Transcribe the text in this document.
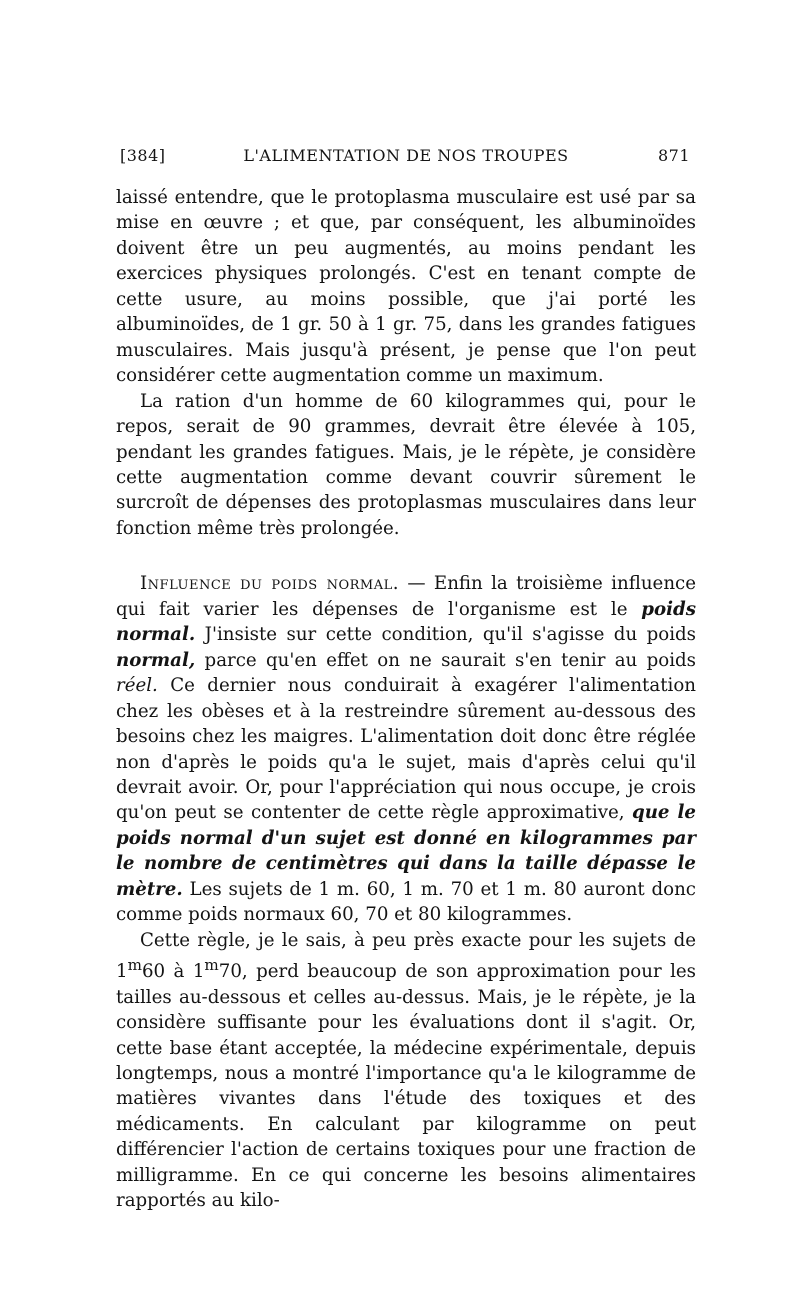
[384]	L'ALIMENTATION DE NOS TROUPES	871

laissé entendre, que le protoplasma musculaire est usé par sa mise en œuvre ; et que, par conséquent, les albuminoïdes doivent être un peu augmentés, au moins pendant les exercices physiques prolongés. C'est en tenant compte de cette usure, au moins possible, que j'ai porté les albuminoïdes, de 1 gr. 50 à 1 gr. 75, dans les grandes fatigues musculaires. Mais jusqu'à présent, je pense que l'on peut considérer cette augmentation comme un maximum.

La ration d'un homme de 60 kilogrammes qui, pour le repos, serait de 90 grammes, devrait être élevée à 105, pendant les grandes fatigues. Mais, je le répète, je considère cette augmentation comme devant couvrir sûrement le surcroît de dépenses des protoplasmas musculaires dans leur fonction même très prolongée.

Influence du poids normal. — Enfin la troisième influence qui fait varier les dépenses de l'organisme est le poids normal. J'insiste sur cette condition, qu'il s'agisse du poids normal, parce qu'en effet on ne saurait s'en tenir au poids réel. Ce dernier nous conduirait à exagérer l'alimentation chez les obèses et à la restreindre sûrement au-dessous des besoins chez les maigres. L'alimentation doit donc être réglée non d'après le poids qu'a le sujet, mais d'après celui qu'il devrait avoir. Or, pour l'appréciation qui nous occupe, je crois qu'on peut se contenter de cette règle approximative, que le poids normal d'un sujet est donné en kilogrammes par le nombre de centimètres qui dans la taille dépasse le mètre. Les sujets de 1 m. 60, 1 m. 70 et 1 m. 80 auront donc comme poids normaux 60, 70 et 80 kilogrammes.

Cette règle, je le sais, à peu près exacte pour les sujets de 1$^m$60 à 1$^m$70, perd beaucoup de son approximation pour les tailles au-dessous et celles au-dessus. Mais, je le répète, je la considère suffisante pour les évaluations dont il s'agit. Or, cette base étant acceptée, la médecine expérimentale, depuis longtemps, nous a montré l'importance qu'a le kilogramme de matières vivantes dans l'étude des toxiques et des médicaments. En calculant par kilogramme on peut différencier l'action de certains toxiques pour une fraction de milligramme. En ce qui concerne les besoins alimentaires rapportés au kilo-
